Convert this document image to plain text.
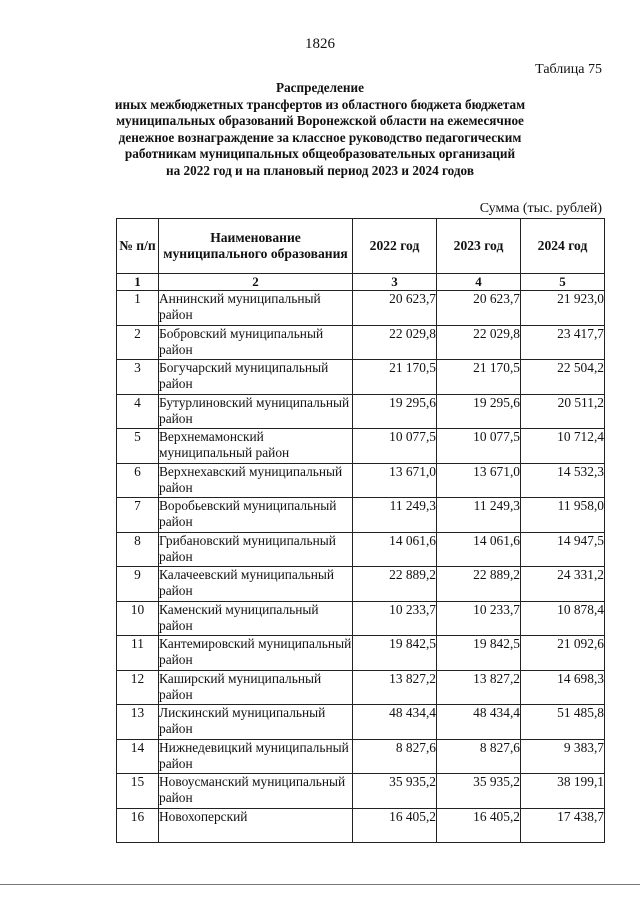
1826
Таблица 75
Распределение
иных межбюджетных трансфертов из областного бюджета бюджетам
муниципальных образований Воронежской области на ежемесячное
денежное вознаграждение за классное руководство педагогическим
работникам муниципальных общеобразовательных организаций
на 2022 год и на плановый период 2023 и 2024 годов
Сумма (тыс. рублей)
№ п/п	Наименование муниципального образования	2022 год	2023 год	2024 год
1	2	3	4	5
1	Аннинский муниципальный район	20 623,7	20 623,7	21 923,0
2	Бобровский муниципальный район	22 029,8	22 029,8	23 417,7
3	Богучарский муниципальный район	21 170,5	21 170,5	22 504,2
4	Бутурлиновский муниципальный район	19 295,6	19 295,6	20 511,2
5	Верхнемамонский муниципальный район	10 077,5	10 077,5	10 712,4
6	Верхнехавский муниципальный район	13 671,0	13 671,0	14 532,3
7	Воробьевский муниципальный район	11 249,3	11 249,3	11 958,0
8	Грибановский муниципальный район	14 061,6	14 061,6	14 947,5
9	Калачеевский муниципальный район	22 889,2	22 889,2	24 331,2
10	Каменский муниципальный район	10 233,7	10 233,7	10 878,4
11	Кантемировский муниципальный район	19 842,5	19 842,5	21 092,6
12	Каширский муниципальный район	13 827,2	13 827,2	14 698,3
13	Лискинский муниципальный район	48 434,4	48 434,4	51 485,8
14	Нижнедевицкий муниципальный район	8 827,6	8 827,6	9 383,7
15	Новоусманский муниципальный район	35 935,2	35 935,2	38 199,1
16	Новохоперский	16 405,2	16 405,2	17 438,7
